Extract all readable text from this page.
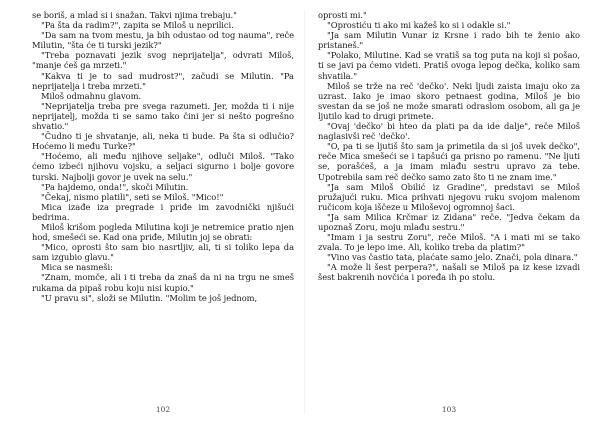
se boriš, a mlad si i snažan. Takvi njima trebaju."

"Pa šta da radim?", zapita se Miloš u neprilici.

"Da sam na tvom mestu, ja bih odustao od tog nauma", reče Milutin, "šta će ti turski jezik?"

"Treba poznavati jezik svog neprijatelja", odvrati Miloš, "manje ćeš ga mrzeti."

"Kakva ti je to sad mudrost?", začudi se Milutin. "Pa neprijatelja i treba mrzeti."

Miloš odmahnu glavom.

"Neprijatelja treba pre svega razumeti. Jer, možda ti i nije neprijatelj, možda ti se samo tako čini jer si nešto pogrešno shvatio."

"Čudno ti je shvatanje, ali, neka ti bude. Pa šta si odlučio? Hoćemo li među Turke?"

"Hoćemo, ali među njihove seljake", odluči Miloš. "Tako ćemo izbeći njihovu vojsku, a seljaci sigurno i bolje govore turski. Najbolji govor je uvek na selu."

"Pa hajdemo, onda!", skoči Milutin.

"Čekaj, nismo platili", seti se Miloš. "Mico!"

Mica izađe iza pregrade i priđe im zavodnički njišući bedrima.

Miloš krišom pogleda Milutina koji je netremice pratio njen hod, smešeći se. Kad ona priđe, Milutin joj se obrati:

"Mico, oprosti što sam bio nasrtljiv, ali, ti si toliko lepa da sam izgubio glavu."

Mica se nasmeši:

"Znam, momče, ali i ti treba da znaš da ni na trgu ne smeš rukama da pipaš robu koju nisi kupio."

"U pravu si", složi se Milutin. "Molim te još jednom,

102

oprosti mi."

"Oprostiću ti ako mi kažeš ko si i odakle si."

"Ja sam Milutin Vunar iz Krsne i rado bih te ženio ako pristaneš."

"Polako, Milutine. Kad se vratiš sa tog puta na koji si pošao, ti se javi pa ćemo videti. Pratiš ovoga lepog dečka, koliko sam shvatila."

Miloš se trže na reč 'dečko'. Neki ljudi zaista imaju oko za uzrast. Iako je imao skoro petnaest godina, Miloš je bio svestan da se još ne može smarati odraslom osobom, ali ga je ljutilo kad to drugi primete.

"Ovaj 'dečko' bi hteo da plati pa da ide dalje", reče Miloš naglasivši reč 'dečko'.

"O, pa ti se ljutiš što sam ja primetila da si još uvek dečko", reče Mica smešeći se i tapšući ga prisno po ramenu. "Ne ljuti se, porašćeš, a ja imam mlađu sestru upravo za tebe. Upotrebila sam reč dečko samo zato što ti ne znam ime."

"Ja sam Miloš Obilić iz Gradine", predstavi se Miloš pružajući ruku. Mica prihvati njegovu ruku svojom malenom ručicom koja iščeze u Miloševoj ogromnoj šaci.

"Ja sam Milica Krčmar iz Zidana" reče. "Jedva čekam da upoznaš Zoru, moju mlađu sestru."

"Imam i ja sestru Zoru", reče Miloš. "A i mati mi se tako zvala. To je lepo ime. Ali, koliko treba da platim?"

"Vino vas častio tata, plaćate samo jelo. Znači, pola dinara."

"A može li šest perpera?", našali se Miloš pa iz kese izvadi šest bakrenih novčića i poređa ih po stolu.

103
